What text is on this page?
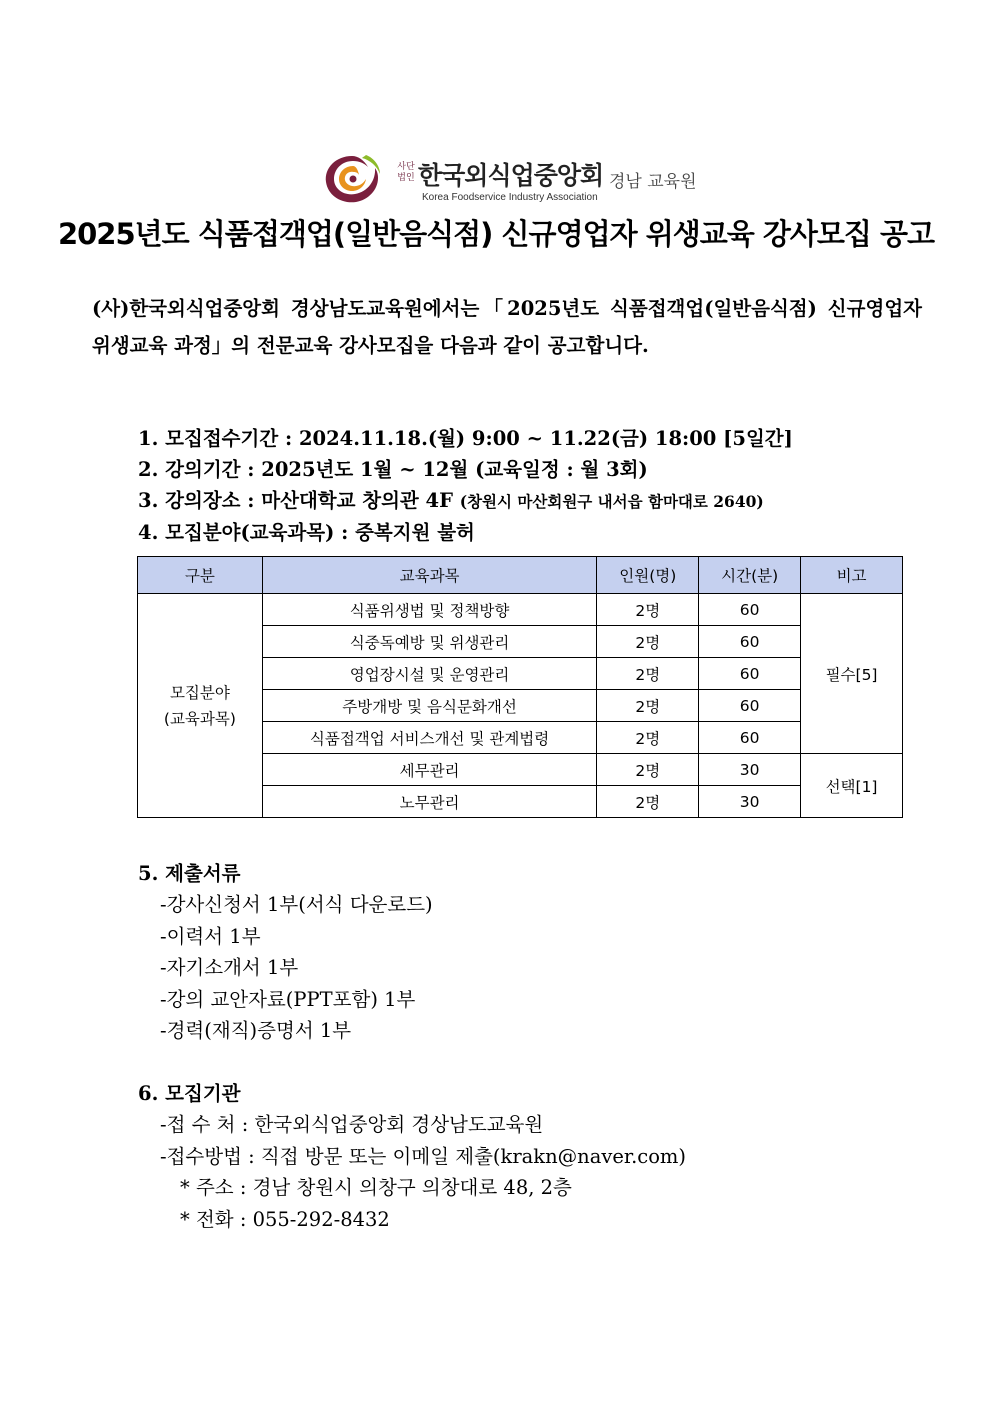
사단
법인 한국외식업중앙회
Korea Foodservice Industry Association
경남 교육원
2025년도 식품접객업(일반음식점) 신규영업자 위생교육 강사모집 공고
(사)한국외식업중앙회 경상남도교육원에서는「2025년도 식품접객업(일반음식점) 신규영업자 위생교육 과정」의 전문교육 강사모집을 다음과 같이 공고합니다.
1. 모집접수기간 : 2024.11.18.(월) 9:00 ~ 11.22(금) 18:00 [5일간]
2. 강의기간 : 2025년도 1월 ~ 12월 (교육일정 : 월 3회)
3. 강의장소 : 마산대학교 창의관 4F (창원시 마산회원구 내서읍 함마대로 2640)
4. 모집분야(교육과목) : 중복지원 불허
구분	교육과목	인원(명)	시간(분)	비고
모집분야
(교육과목)	식품위생법 및 정책방향	2명	60	필수[5]
	식중독예방 및 위생관리	2명	60	
	영업장시설 및 운영관리	2명	60	
	주방개방 및 음식문화개선	2명	60	
	식품접객업 서비스개선 및 관계법령	2명	60	
	세무관리	2명	30	선택[1]
	노무관리	2명	30	
5. 제출서류
-강사신청서 1부(서식 다운로드)
-이력서 1부
-자기소개서 1부
-강의 교안자료(PPT포함) 1부
-경력(재직)증명서 1부
6. 모집기관
-접 수 처 : 한국외식업중앙회 경상남도교육원
-접수방법 : 직접 방문 또는 이메일 제출(krakn@naver.com)
* 주소 : 경남 창원시 의창구 의창대로 48, 2층
* 전화 : 055-292-8432
